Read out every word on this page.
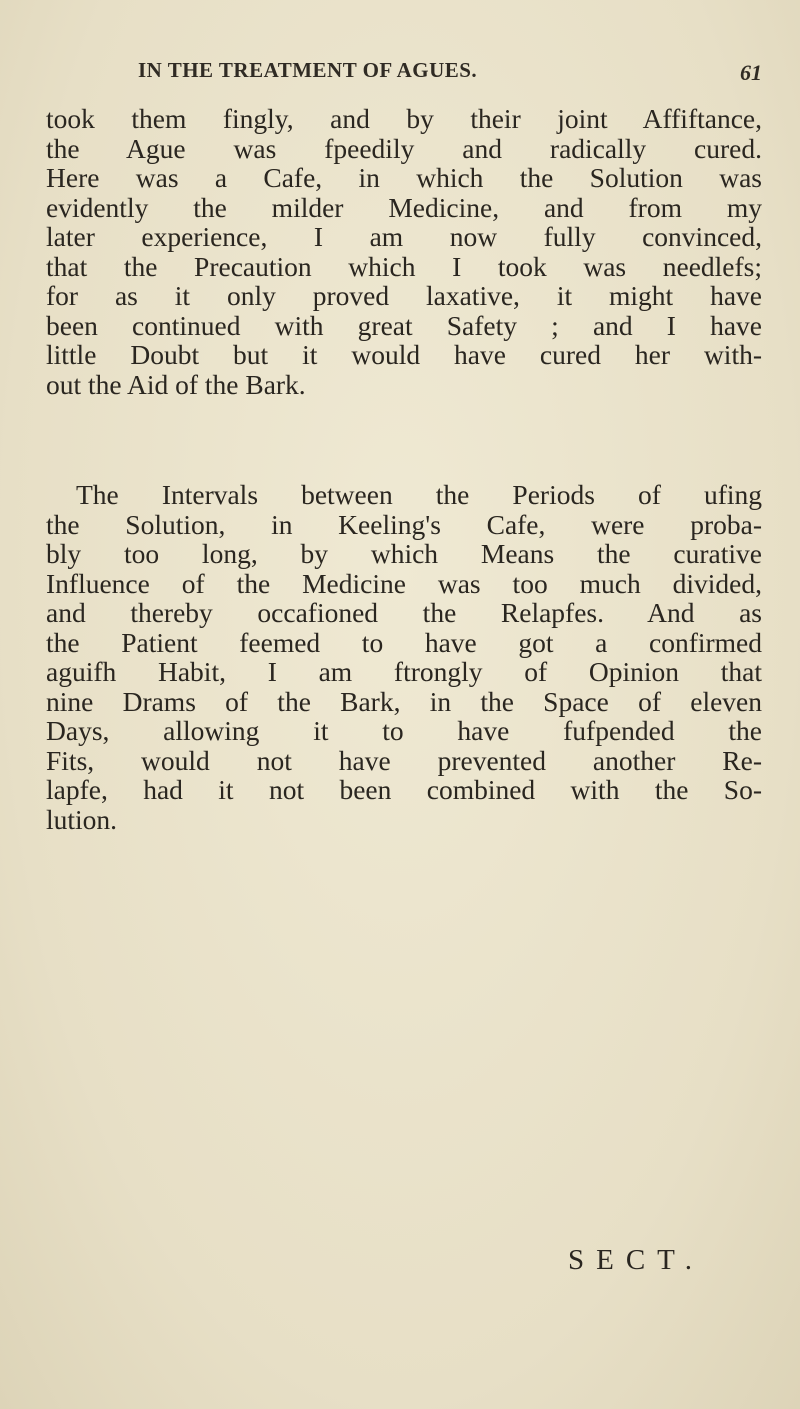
IN THE TREATMENT OF AGUES.	61
took them fingly, and by their joint Affiftance,
the Ague was fpeedily and radically cured.
Here was a Cafe, in which the Solution was
evidently the milder Medicine, and from my
later experience, I am now fully convinced,
that the Precaution which I took was needlefs;
for as it only proved laxative, it might have
been continued with great Safety ; and I have
little Doubt but it would have cured her with-
out the Aid of the Bark.
The Intervals between the Periods of ufing
the Solution, in Keeling's Cafe, were proba-
bly too long, by which Means the curative
Influence of the Medicine was too much divided,
and thereby occafioned the Relapfes. And as
the Patient feemed to have got a confirmed
aguifh Habit, I am ftrongly of Opinion that
nine Drams of the Bark, in the Space of eleven
Days, allowing it to have fufpended the
Fits, would not have prevented another Re-
lapfe, had it not been combined with the So-
lution.
SECT.
